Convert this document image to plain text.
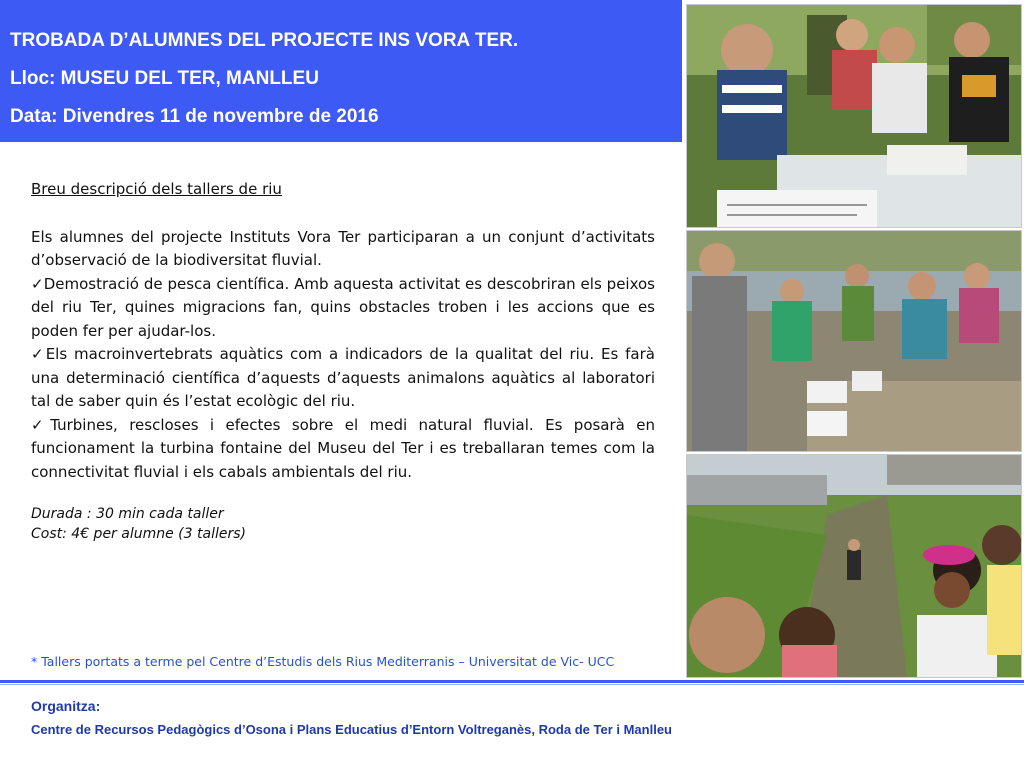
TROBADA D’ALUMNES DEL PROJECTE INS VORA TER.
Lloc: MUSEU DEL TER, MANLLEU
Data: Divendres 11 de novembre de 2016

Breu descripció dels tallers de riu

Els alumnes del projecte Instituts Vora Ter participaran a un conjunt d’activitats d’observació de la biodiversitat fluvial.

✓Demostració de pesca científica. Amb aquesta activitat es descobriran els peixos del riu Ter, quines migracions fan, quins obstacles troben i les accions que es poden fer per ajudar-los.

✓Els macroinvertebrats aquàtics com a indicadors de la qualitat del riu. Es farà una determinació científica d’aquests d’aquests animalons aquàtics al laboratori tal de saber quin és l’estat ecològic del riu.

✓Turbines, rescloses i efectes sobre el medi natural fluvial. Es posarà en funcionament la turbina fontaine del Museu del Ter i es treballaran temes com la connectivitat fluvial i els cabals ambientals del riu.

Durada : 30 min cada taller

Cost: 4€ per alumne (3 tallers)

* Tallers portats a terme pel Centre d’Estudis dels Rius Mediterranis – Universitat de Vic- UCC
Organitza:
Centre de Recursos Pedagògics d’Osona i Plans Educatius d’Entorn Voltreganès, Roda de Ter i Manlleu
